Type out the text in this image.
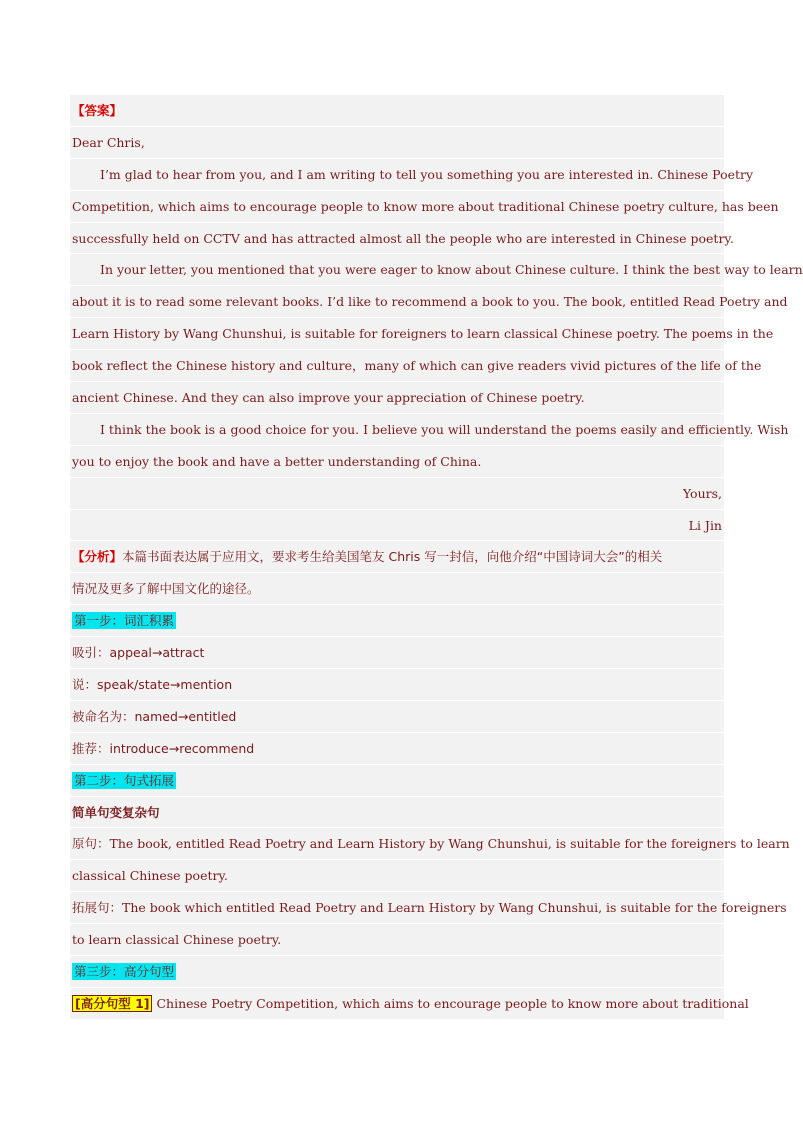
【答案】
Dear Chris,
I’m glad to hear from you, and I am writing to tell you something you are interested in. Chinese Poetry
Competition, which aims to encourage people to know more about traditional Chinese poetry culture, has been
successfully held on CCTV and has attracted almost all the people who are interested in Chinese poetry.
In your letter, you mentioned that you were eager to know about Chinese culture. I think the best way to learn
about it is to read some relevant books. I’d like to recommend a book to you. The book, entitled Read Poetry and
Learn History by Wang Chunshui, is suitable for foreigners to learn classical Chinese poetry. The poems in the
book reflect the Chinese history and culture，many of which can give readers vivid pictures of the life of the
ancient Chinese. And they can also improve your appreciation of Chinese poetry.
I think the book is a good choice for you. I believe you will understand the poems easily and efficiently. Wish
you to enjoy the book and have a better understanding of China.
Yours,
Li Jin
【分析】本篇书面表达属于应用文，要求考生给美国笔友 Chris 写一封信，向他介绍“中国诗词大会”的相关
情况及更多了解中国文化的途径。
第一步：词汇积累
吸引：appeal→attract
说：speak/state→mention
被命名为：named→entitled
推荐：introduce→recommend
第二步：句式拓展
简单句变复杂句
原句：The book, entitled Read Poetry and Learn History by Wang Chunshui, is suitable for the foreigners to learn
classical Chinese poetry.
拓展句：The book which entitled Read Poetry and Learn History by Wang Chunshui, is suitable for the foreigners
to learn classical Chinese poetry.
第三步：高分句型
[高分句型 1] Chinese Poetry Competition, which aims to encourage people to know more about traditional
